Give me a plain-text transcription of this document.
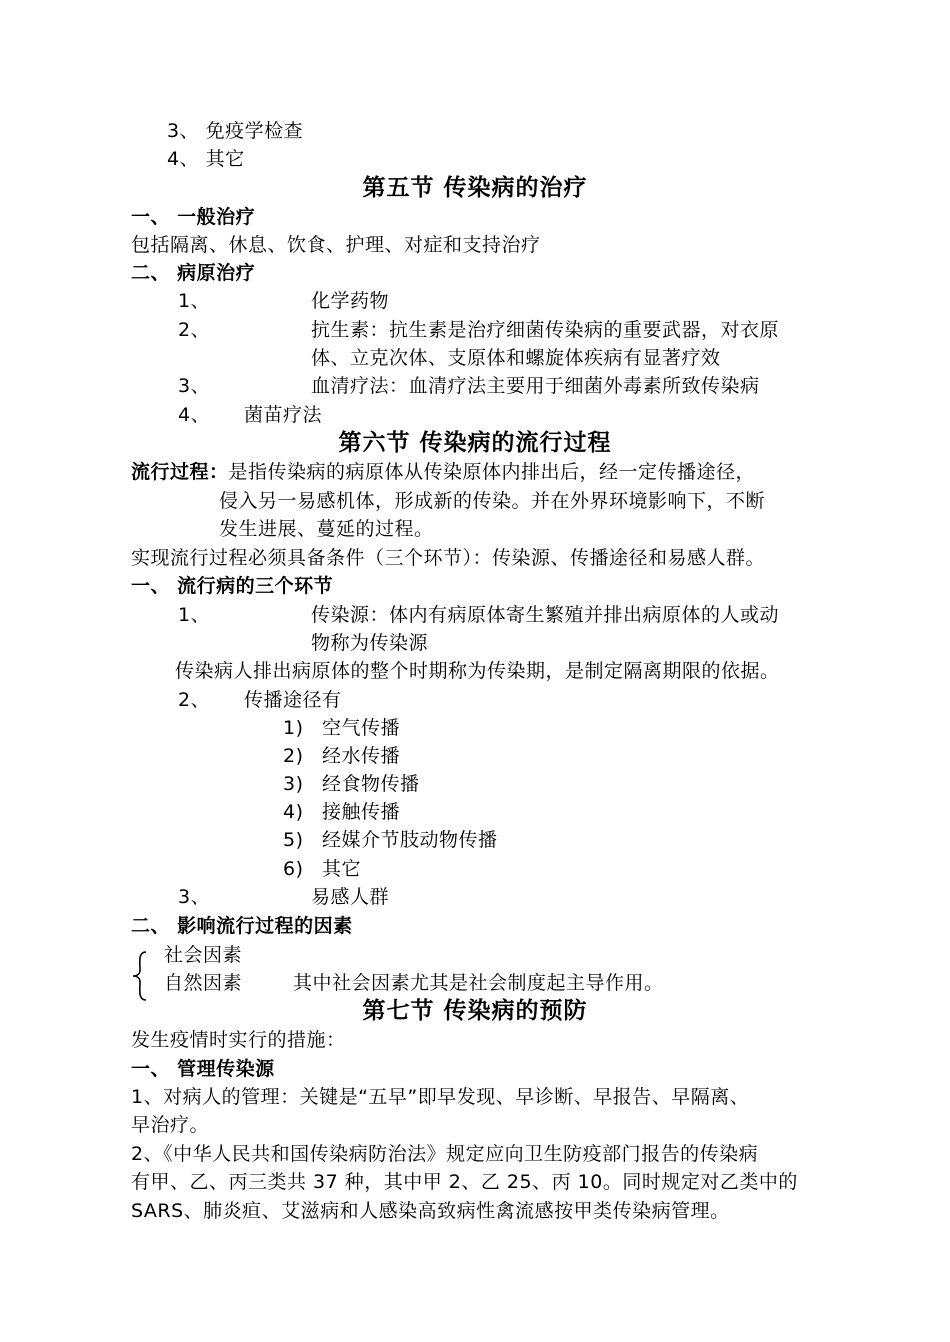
3、 免疫学检查
4、 其它
第五节 传染病的治疗
一、 一般治疗
包括隔离、休息、饮食、护理、对症和支持治疗
二、 病原治疗
1、	化学药物
2、	抗生素：抗生素是治疗细菌传染病的重要武器，对衣原
体、立克次体、支原体和螺旋体疾病有显著疗效
3、	血清疗法：血清疗法主要用于细菌外毒素所致传染病
4、 菌苗疗法
第六节 传染病的流行过程
流行过程：是指传染病的病原体从传染原体内排出后，经一定传播途径，
侵入另一易感机体，形成新的传染。并在外界环境影响下，不断
发生进展、蔓延的过程。
实现流行过程必须具备条件（三个环节）：传染源、传播途径和易感人群。
一、 流行病的三个环节
1、	传染源：体内有病原体寄生繁殖并排出病原体的人或动
物称为传染源
传染病人排出病原体的整个时期称为传染期，是制定隔离期限的依据。
2、 传播途径有
1) 空气传播
2) 经水传播
3) 经食物传播
4) 接触传播
5) 经媒介节肢动物传播
6) 其它
3、	易感人群
二、 影响流行过程的因素
社会因素
自然因素	其中社会因素尤其是社会制度起主导作用。
第七节 传染病的预防
发生疫情时实行的措施：
一、 管理传染源
1、对病人的管理：关键是“五早”即早发现、早诊断、早报告、早隔离、
早治疗。
2、《中华人民共和国传染病防治法》规定应向卫生防疫部门报告的传染病
有甲、乙、丙三类共 37 种，其中甲 2、乙 25、丙 10。同时规定对乙类中的
SARS、肺炎疸、艾滋病和人感染高致病性禽流感按甲类传染病管理。
